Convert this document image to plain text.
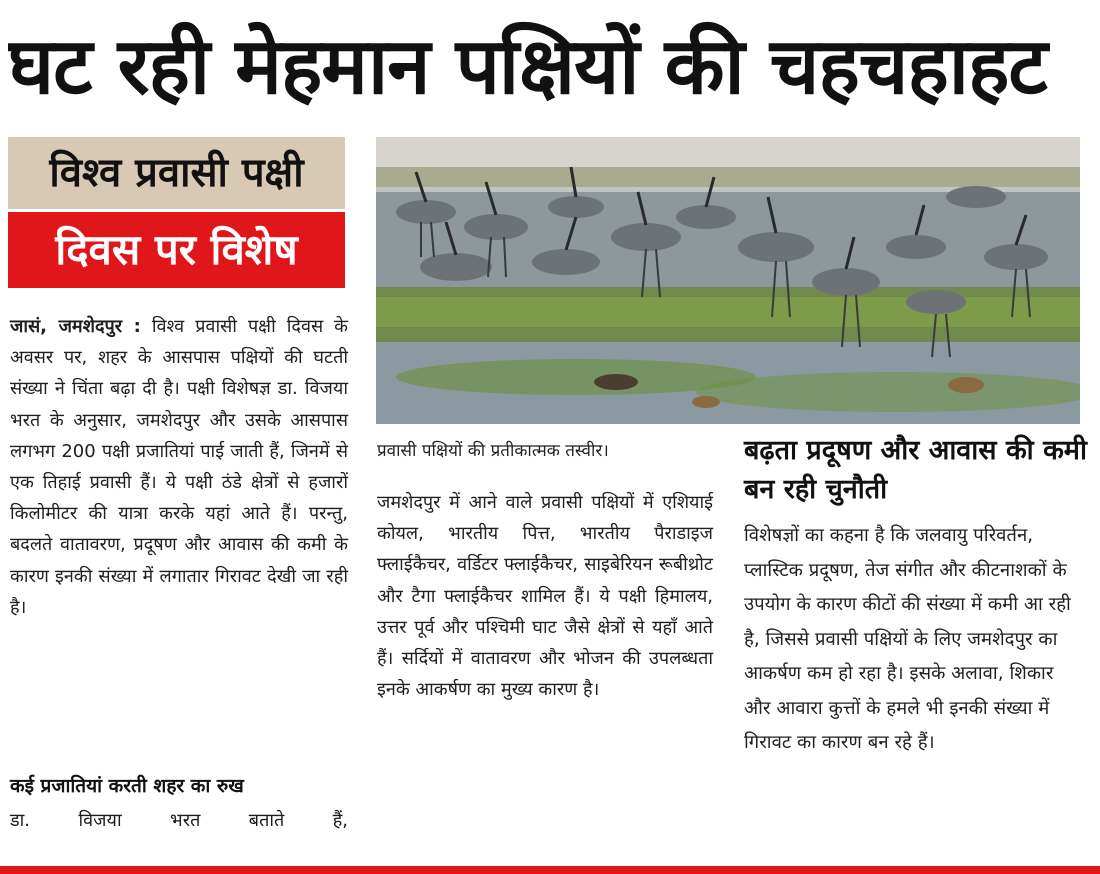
घट रही मेहमान पक्षियों की चहचहाहट
विश्व प्रवासी पक्षी
दिवस पर विशेष
जासं, जमशेदपुर : विश्व प्रवासी पक्षी दिवस के अवसर पर, शहर के आसपास पक्षियों की घटती संख्या ने चिंता बढ़ा दी है। पक्षी विशेषज्ञ डा. विजया भरत के अनुसार, जमशेदपुर और उसके आसपास लगभग 200 पक्षी प्रजातियां पाई जाती हैं, जिनमें से एक तिहाई प्रवासी हैं। ये पक्षी ठंडे क्षेत्रों से हजारों किलोमीटर की यात्रा करके यहां आते हैं। परन्तु, बदलते वातावरण, प्रदूषण और आवास की कमी के कारण इनकी संख्या में लगातार गिरावट देखी जा रही है।
कई प्रजातियां करती शहर का रुख
डा. विजया भरत बताते हैं,
प्रवासी पक्षियों की प्रतीकात्मक तस्वीर।
जमशेदपुर में आने वाले प्रवासी पक्षियों में एशियाई कोयल, भारतीय पित्त, भारतीय पैराडाइज फ्लाईकैचर, वर्डिटर फ्लाईकैचर, साइबेरियन रूबीथ्रोट और टैगा फ्लाईकैचर शामिल हैं। ये पक्षी हिमालय, उत्तर पूर्व और पश्चिमी घाट जैसे क्षेत्रों से यहाँ आते हैं। सर्दियों में वातावरण और भोजन की उपलब्धता इनके आकर्षण का मुख्य कारण है।
बढ़ता प्रदूषण और आवास की कमी बन रही चुनौती
विशेषज्ञों का कहना है कि जलवायु परिवर्तन, प्लास्टिक प्रदूषण, तेज संगीत और कीटनाशकों के उपयोग के कारण कीटों की संख्या में कमी आ रही है, जिससे प्रवासी पक्षियों के लिए जमशेदपुर का आकर्षण कम हो रहा है। इसके अलावा, शिकार और आवारा कुत्तों के हमले भी इनकी संख्या में गिरावट का कारण बन रहे हैं।
